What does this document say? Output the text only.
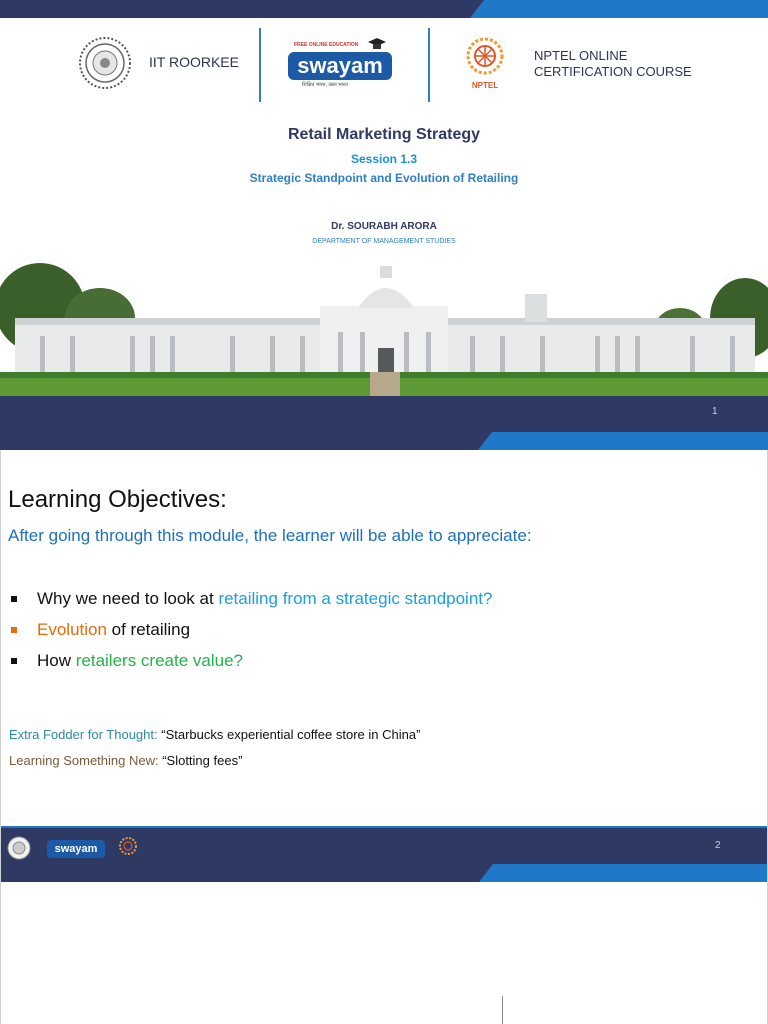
IIT ROORKEE
FREE ONLINE EDUCATION
swayam
शिक्षित भारत, उन्नत भारत	NPTEL
NPTEL ONLINE
CERTIFICATION COURSE
Retail Marketing Strategy
Session 1.3
Strategic Standpoint and Evolution of Retailing
Dr. SOURABH ARORA
DEPARTMENT OF MANAGEMENT STUDIES
1
Learning Objectives:
After going through this module, the learner will be able to appreciate:
Why we need to look at retailing from a strategic standpoint?
Evolution of retailing
How retailers create value?
Extra Fodder for Thought: “Starbucks experiential coffee store in China”
Learning Something New: “Slotting fees”
swayam	2
